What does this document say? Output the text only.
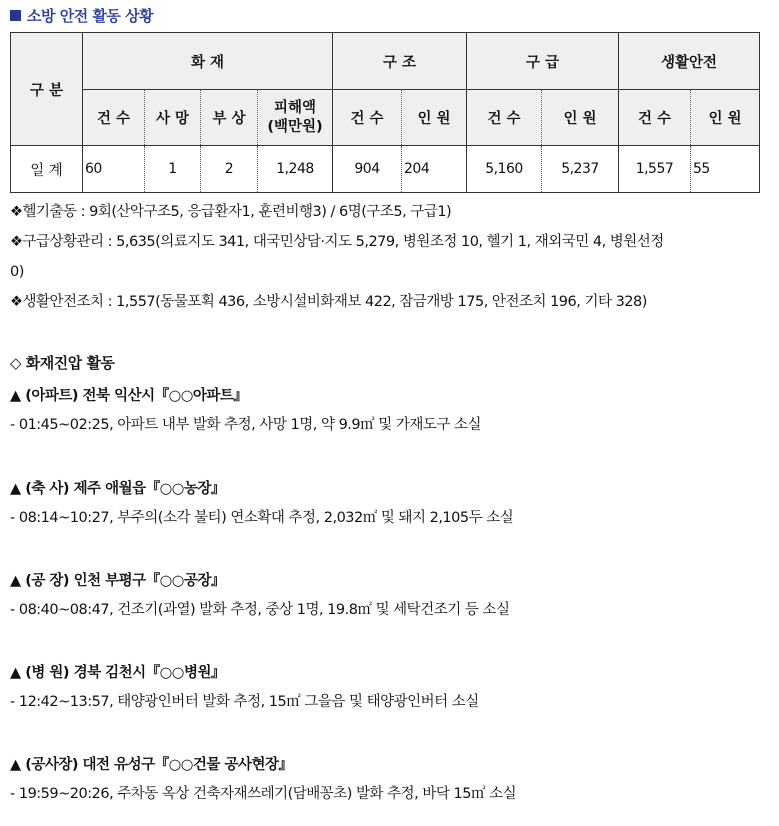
소방 안전 활동 상황
구 분	화 재				구 조		구 급		생활안전	
	건 수	사 망	부 상	피해액 (백만원)	건 수	인 원	건 수	인 원	건 수	인 원
일 계	60	1	2	1,248	904	204	5,160	5,237	1,557	55

❖헬기출동 : 9회(산악구조5, 응급환자1, 훈련비행3) / 6명(구조5, 구급1)

❖구급상황관리 : 5,635(의료지도 341, 대국민상담·지도 5,279, 병원조정 10, 헬기 1, 재외국민 4, 병원선정

0)

❖생활안전조치 : 1,557(동물포획 436, 소방시설비화재보 422, 잠금개방 175, 안전조치 196, 기타 328)

◇ 화재진압 활동
▲ (아파트) 전북 익산시『○○아파트』
- 01:45~02:25, 아파트 내부 발화 추정, 사망 1명, 약 9.9㎡ 및 가재도구 소실
▲ (축 사) 제주 애월읍『○○농장』
- 08:14~10:27, 부주의(소각 불티) 연소확대 추정, 2,032㎡ 및 돼지 2,105두 소실
▲ (공 장) 인천 부평구『○○공장』
- 08:40~08:47, 건조기(과열) 발화 추정, 중상 1명, 19.8㎡ 및 세탁건조기 등 소실
▲ (병 원) 경북 김천시『○○병원』
- 12:42~13:57, 태양광인버터 발화 추정, 15㎡ 그을음 및 태양광인버터 소실
▲ (공사장) 대전 유성구『○○건물 공사현장』
- 19:59~20:26, 주차동 옥상 건축자재쓰레기(담배꽁초) 발화 추정, 바닥 15㎡ 소실
